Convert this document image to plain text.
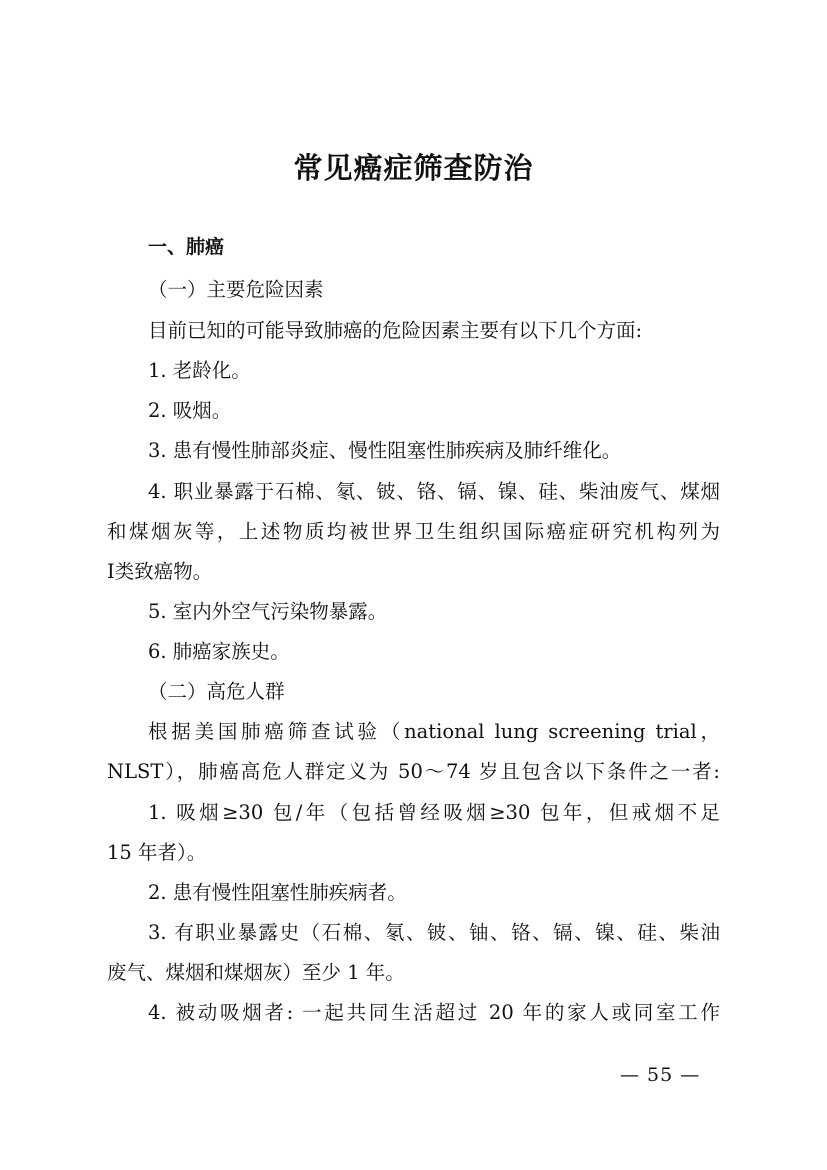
常见癌症筛查防治
一、肺癌
（一）主要危险因素
目前已知的可能导致肺癌的危险因素主要有以下几个方面:
1. 老龄化。
2. 吸烟。
3. 患有慢性肺部炎症、慢性阻塞性肺疾病及肺纤维化。
4. 职业暴露于石棉、氡、铍、铬、镉、镍、硅、柴油废气、煤烟
和煤烟灰等，上述物质均被世界卫生组织国际癌症研究机构列为
Ⅰ类致癌物。
5. 室内外空气污染物暴露。
6. 肺癌家族史。
（二）高危人群
根据美国肺癌筛查试验（national lung screening trial，
NLST），肺癌高危人群定义为 50～74 岁且包含以下条件之一者:
1. 吸烟≥30 包/年（包括曾经吸烟≥30 包年，但戒烟不足
15 年者）。
2. 患有慢性阻塞性肺疾病者。
3. 有职业暴露史（石棉、氡、铍、铀、铬、镉、镍、硅、柴油
废气、煤烟和煤烟灰）至少 1 年。
4. 被动吸烟者: 一起共同生活超过 20 年的家人或同室工作
— 55 —
